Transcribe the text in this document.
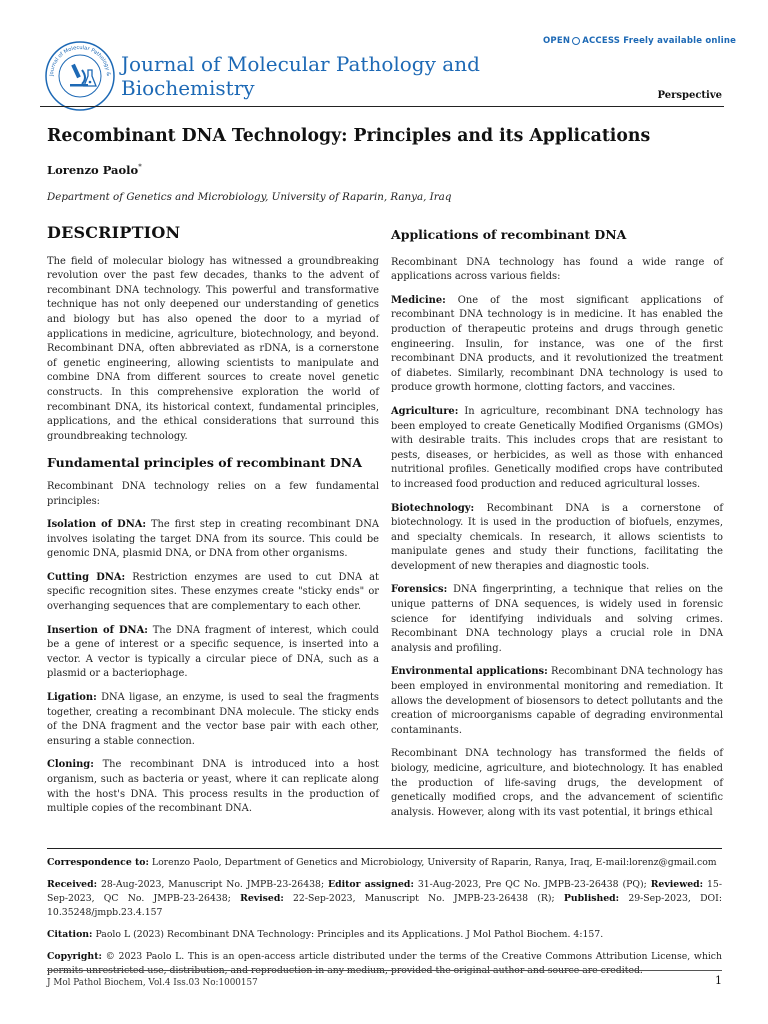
Journal of Molecular Pathology & Journal of Molecular Pathology and Biochemistry
OPEN ACCESS Freely available online
Perspective
Recombinant DNA Technology: Principles and its Applications
Lorenzo Paolo*
Department of Genetics and Microbiology, University of Raparin, Ranya, Iraq
DESCRIPTION

The field of molecular biology has witnessed a groundbreaking revolution over the past few decades, thanks to the advent of recombinant DNA technology. This powerful and transformative technique has not only deepened our understanding of genetics and biology but has also opened the door to a myriad of applications in medicine, agriculture, biotechnology, and beyond. Recombinant DNA, often abbreviated as rDNA, is a cornerstone of genetic engineering, allowing scientists to manipulate and combine DNA from different sources to create novel genetic constructs. In this comprehensive exploration the world of recombinant DNA, its historical context, fundamental principles, applications, and the ethical considerations that surround this groundbreaking technology.

Fundamental principles of recombinant DNA

Recombinant DNA technology relies on a few fundamental principles:

Isolation of DNA: The first step in creating recombinant DNA involves isolating the target DNA from its source. This could be genomic DNA, plasmid DNA, or DNA from other organisms.

Cutting DNA: Restriction enzymes are used to cut DNA at specific recognition sites. These enzymes create "sticky ends" or overhanging sequences that are complementary to each other.

Insertion of DNA: The DNA fragment of interest, which could be a gene of interest or a specific sequence, is inserted into a vector. A vector is typically a circular piece of DNA, such as a plasmid or a bacteriophage.

Ligation: DNA ligase, an enzyme, is used to seal the fragments together, creating a recombinant DNA molecule. The sticky ends of the DNA fragment and the vector base pair with each other, ensuring a stable connection.

Cloning: The recombinant DNA is introduced into a host organism, such as bacteria or yeast, where it can replicate along with the host's DNA. This process results in the production of multiple copies of the recombinant DNA.

Applications of recombinant DNA

Recombinant DNA technology has found a wide range of applications across various fields:

Medicine: One of the most significant applications of recombinant DNA technology is in medicine. It has enabled the production of therapeutic proteins and drugs through genetic engineering. Insulin, for instance, was one of the first recombinant DNA products, and it revolutionized the treatment of diabetes. Similarly, recombinant DNA technology is used to produce growth hormone, clotting factors, and vaccines.

Agriculture: In agriculture, recombinant DNA technology has been employed to create Genetically Modified Organisms (GMOs) with desirable traits. This includes crops that are resistant to pests, diseases, or herbicides, as well as those with enhanced nutritional profiles. Genetically modified crops have contributed to increased food production and reduced agricultural losses.

Biotechnology: Recombinant DNA is a cornerstone of biotechnology. It is used in the production of biofuels, enzymes, and specialty chemicals. In research, it allows scientists to manipulate genes and study their functions, facilitating the development of new therapies and diagnostic tools.

Forensics: DNA fingerprinting, a technique that relies on the unique patterns of DNA sequences, is widely used in forensic science for identifying individuals and solving crimes. Recombinant DNA technology plays a crucial role in DNA analysis and profiling.

Environmental applications: Recombinant DNA technology has been employed in environmental monitoring and remediation. It allows the development of biosensors to detect pollutants and the creation of microorganisms capable of degrading environmental contaminants.

Recombinant DNA technology has transformed the fields of biology, medicine, agriculture, and biotechnology. It has enabled the production of life-saving drugs, the development of genetically modified crops, and the advancement of scientific analysis. However, along with its vast potential, it brings ethical

Correspondence to: Lorenzo Paolo, Department of Genetics and Microbiology, University of Raparin, Ranya, Iraq, E-mail:lorenz@gmail.com

Received: 28-Aug-2023, Manuscript No. JMPB-23-26438; Editor assigned: 31-Aug-2023, Pre QC No. JMPB-23-26438 (PQ); Reviewed: 15-Sep-2023, QC No. JMPB-23-26438; Revised: 22-Sep-2023, Manuscript No. JMPB-23-26438 (R); Published: 29-Sep-2023, DOI: 10.35248/jmpb.23.4.157

Citation: Paolo L (2023) Recombinant DNA Technology: Principles and its Applications. J Mol Pathol Biochem. 4:157.

Copyright: © 2023 Paolo L. This is an open-access article distributed under the terms of the Creative Commons Attribution License, which

J Mol Pathol Biochem, Vol.4 Iss.03 No:1000157	1
